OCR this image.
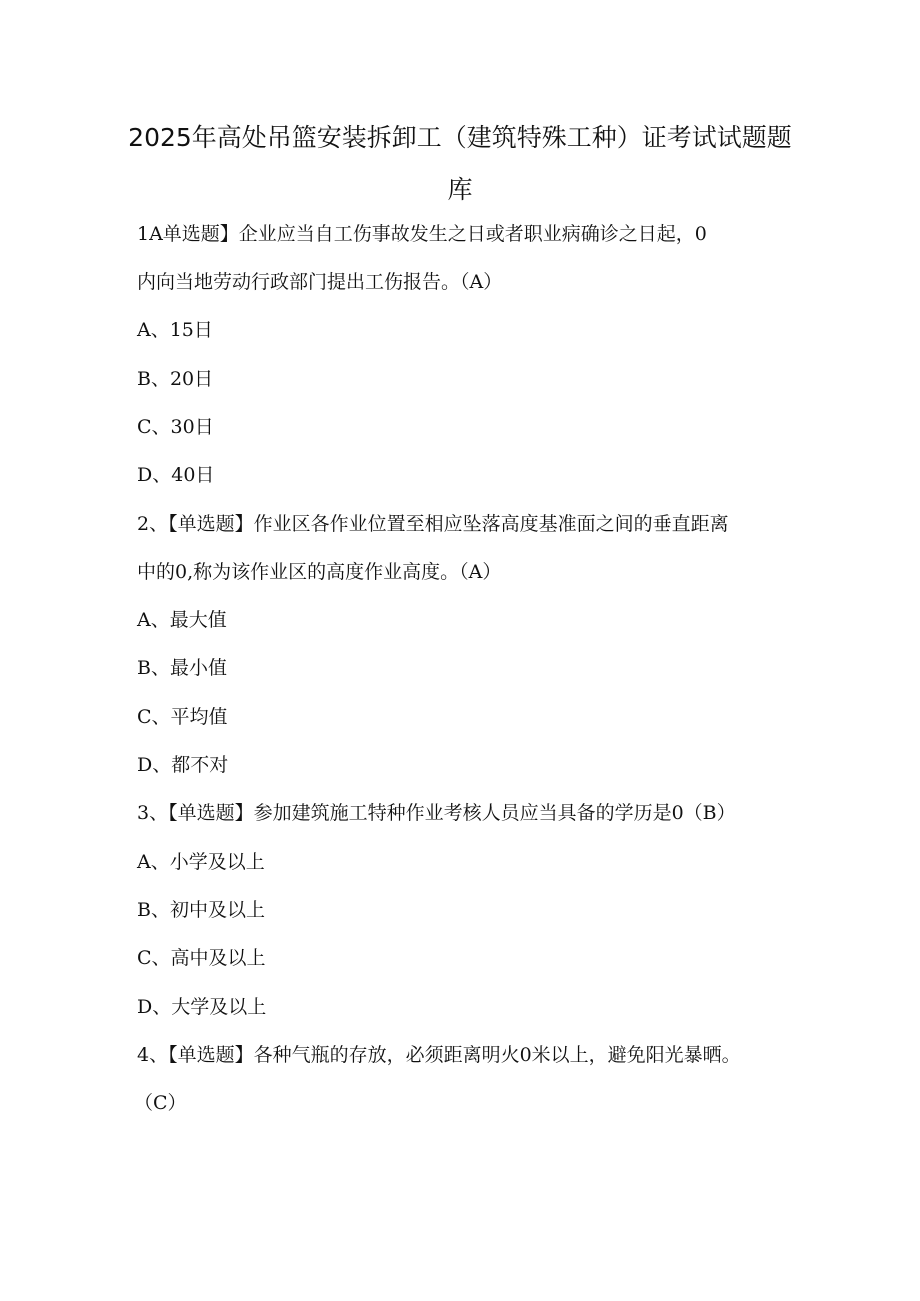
2025年高处吊篮安装拆卸工（建筑特殊工种）证考试试题题
库
1A单选题】企业应当自工伤事故发生之日或者职业病确诊之日起，0
内向当地劳动行政部门提出工伤报告。（A）
A、15日
B、20日
C、30日
D、40日
2、【单选题】作业区各作业位置至相应坠落高度基准面之间的垂直距离
中的0,称为该作业区的高度作业高度。（A）
A、最大值
B、最小值
C、平均值
D、都不对
3、【单选题】参加建筑施工特种作业考核人员应当具备的学历是0（B）
A、小学及以上
B、初中及以上
C、高中及以上
D、大学及以上
4、【单选题】各种气瓶的存放，必须距离明火0米以上，避免阳光暴晒。
（C）
